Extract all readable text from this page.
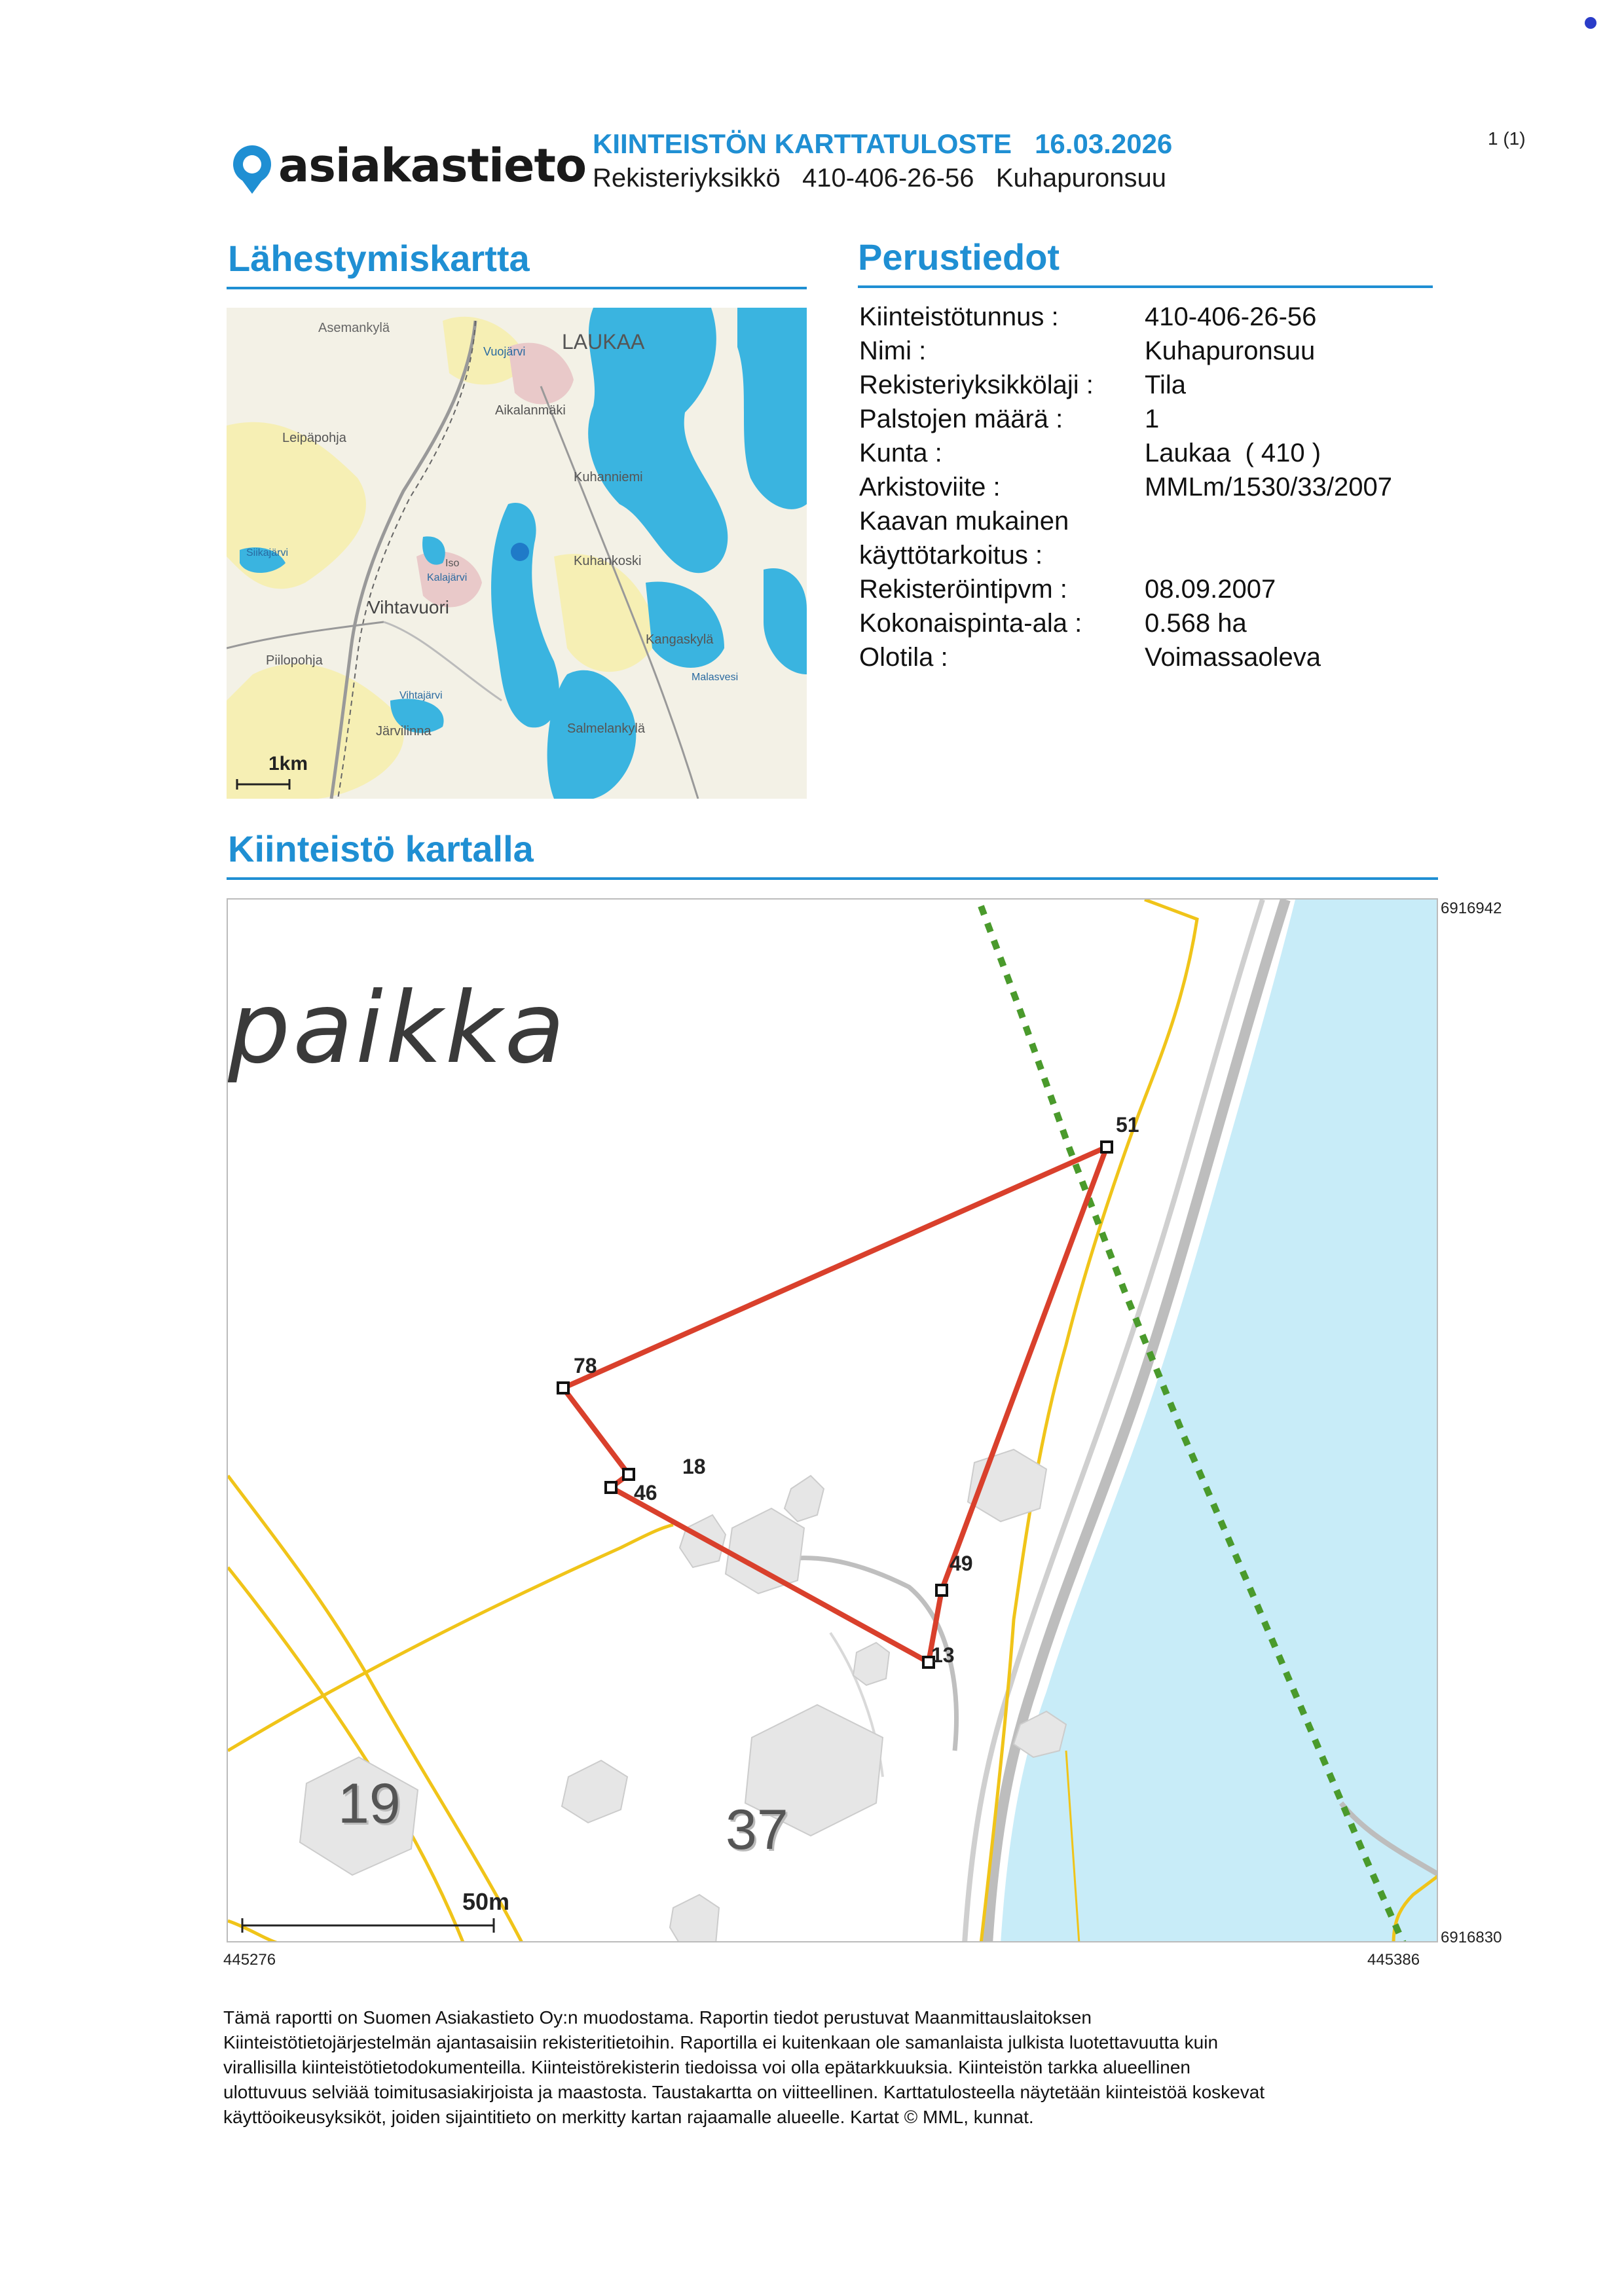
asiakastieto KIINTEISTÖN KARTTATULOSTE   16.03.2026
Rekisteriyksikkö 410-406-26-56 Kuhapuronsuu
1 (1)
Lähestymiskartta	Perustiedot
Kiinteistötunnus :	410-406-26-56
Nimi :	Kuhapuronsuu
Rekisteriyksikkölaji : Tila
Palstojen määrä :	1
Kunta :	Laukaa  ( 410 )
Arkistoviite :	MMLm/1530/33/2007
Kaavan mukainen
käyttötarkoitus :
Rekisteröintipvm :	08.09.2007
Kokonaispinta-ala : 0.568 ha
Olotila :	Voimassaoleva
Asemankylä
Vuojärvi LAUKAA
Aikalanmäki
Leipäpohja
Kuhanniemi
Siikajärvi
Iso
Kalajärvi
Kuhankoski
Vihtavuori
Kangaskylä
Piilopohja
Malasvesi
Vihtajärvi
Järvilinna	Salmelankylä
1km
Kiinteistö kartalla
paikka
51
78
18
46
49
13
19	37
50m
6916942
6916830
445276	445386
Tämä raportti on Suomen Asiakastieto Oy:n muodostama. Raportin tiedot perustuvat Maanmittauslaitoksen
Kiinteistötietojärjestelmän ajantasaisiin rekisteritietoihin. Raportilla ei kuitenkaan ole samanlaista julkista luotettavuutta kuin
virallisilla kiinteistötietodokumenteilla. Kiinteistörekisterin tiedoissa voi olla epätarkkuuksia. Kiinteistön tarkka alueellinen
ulottuvuus selviää toimitusasiakirjoista ja maastosta. Taustakartta on viitteellinen. Karttatulosteella näytetään kiinteistöä koskevat
käyttöoikeusyksiköt, joiden sijaintitieto on merkitty kartan rajaamalle alueelle. Kartat © MML, kunnat.
